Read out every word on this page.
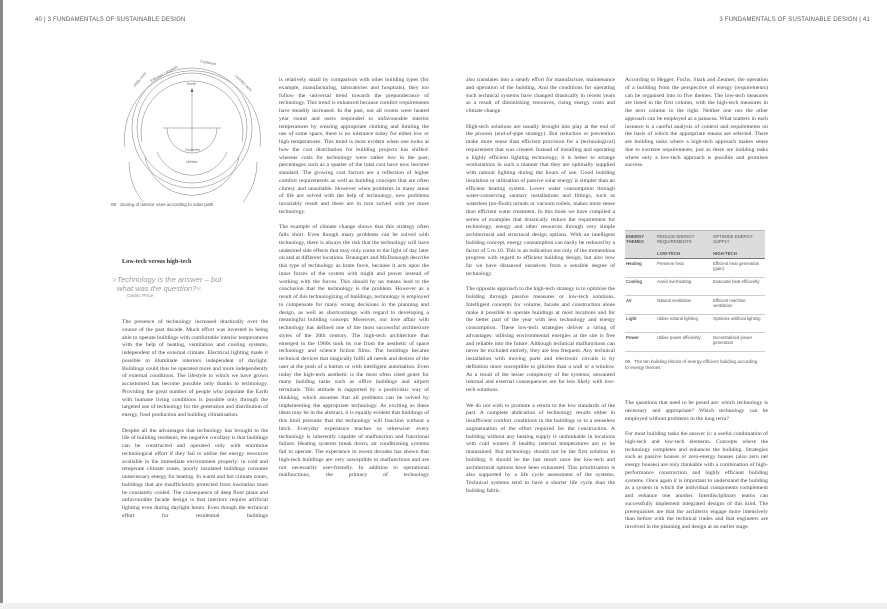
40 | 3 FUNDAMENTALS OF SUSTAINABLE DESIGN	3 FUNDAMENTALS OF SUSTAINABLE DESIGN | 41
North
Summer
Winter
Cupboard
Utility room Entrance / stairwell	Laundry room
06 Zoning of interior uses according to solar path
Low-tech versus high-tech
»Technology is the answer – but what was the question?«
Cedric Price

The presence of technology increased drastically over the course of the past decade. Much effort was invested in being able to operate buildings with comfortable interior temperatures with the help of heating, ventilation and cooling systems, independent of the external climate. Electrical lighting made it possible to illuminate interiors independent of daylight. Buildings could thus be operated more and more independently of external conditions. The lifestyle to which we have grown accustomed has become possible only thanks to technology. Providing the great number of people who populate the Earth with humane living conditions is possible only through the targeted use of technology for the generation and distribution of energy, food production and building climatisation.

Despite all the advantages that technology has brought to the life of building residents, the negative corollary is that buildings can be constructed and operated only with enormous technological effort if they fail to utilise the energy resources available in the immediate environment properly: in cold and temperate climate zones, poorly insulated buildings consume unnecessary energy for heating. In warm and hot climate zones, buildings that are insufficiently protected from insolation must be constantly cooled. The consequence of deep floor plans and unfavourable facade design is that interiors require artificial lighting even during daylight hours. Even though the technical effort for residential buildings

is relatively small by comparison with other building types (for example, manufacturing, laboratories and hospitals), they too follow the universal trend towards the preponderance of technology. This trend is enhanced because comfort requirements have steadily increased. In the past, not all rooms were heated year round and users responded to unfavourable interior temperatures by wearing appropriate clothing and limiting the use of some space, there is no tolerance today for either low or high temperatures. This trend is most evident when one looks at how the cost distribution for building projects has shifted: whereas costs for technology were rather low in the past, percentages such as a quarter of the total cost have now become standard. The growing cost factors are a reflection of higher comfort requirements as well as building concepts that are often clumsy and unsuitable. However when problems in many areas of life are solved with the help of technology, new problems invariably result and these are in turn solved with yet more technology.

The example of climate change shows that this strategy often falls short. Even though many problems can be solved with technology, there is always the risk that the technology will have undesired side effects that may only come to the light of day later on and at different locations. Braungart and McDonough describe this type of technology as brute force, because it acts upon the inner forces of the system with might and power instead of working with the forces. This should by no means lead to the conclusion that the technology is the problem. However as a result of this technologizing of buildings, technology is employed to compensate for many wrong decisions in the planning and design, as well as shortcomings with regard to developing a meaningful building concept. Moreover, our love affair with technology has defined one of the most successful architecture styles of the 20th century. The high-tech architecture that emerged in the 1960s took its cue from the aesthetic of space technology and science fiction films. The buildings became technical devices that magically fulfil all needs and desires of the user at the push of a button or with intelligent automation. Even today the high-tech aesthetic is the most often cited genre for many building tasks such as office buildings and airport terminals. This attitude is supported by a positivistic way of thinking, which assumes that all problems can be solved by implementing the appropriate technology. As exciting as these ideas may be in the abstract, it is equally evident that buildings of this kind presume that the technology will function without a hitch. Everyday experience teaches us otherwise: every technology is inherently capable of malfunction and functional failure. Heating systems break down; air conditioning systems fail to operate. The experience in recent decades has shown that high-tech buildings are very susceptible to malfunctions and are not necessarily user-friendly. In addition to operational malfunctions, the primacy of technology

also translates into a steady effort for manufacture, maintenance and operation of the building. And the conditions for operating such technical systems have changed drastically in recent years as a result of diminishing resources, rising energy costs and climate change.

High-tech solutions are usually brought into play at the end of the process (end-of-pipe strategy). But reduction or prevention make more sense than efficient provision for a (technological) requirement that was created. Instead of installing and operating a highly efficient lighting technology, it is better to arrange workstations in such a manner that they are optimally supplied with natural lighting during the hours of use. Good building insulation or utilisation of passive solar energy is simpler than an efficient heating system. Lower water consumption through water-conserving sanitary installations and fittings, such as waterless (no-flush) urinals or vacuum toilets, makes more sense than efficient water treatment. In this book we have compiled a series of examples that drastically reduce the requirement for technology, energy and other resources through very simple architectural and structural design options. With an intelligent building concept, energy consumption can easily be reduced by a factor of 5 to 10. This is an indication not only of the tremendous progress with regard to efficient building design, but also how far we have distanced ourselves from a sensible degree of technology.

The opposite approach to the high-tech strategy is to optimise the building through passive measures or low-tech solutions. Intelligent concepts for volume, facade and construction alone make it possible to operate buildings at most locations and for the better part of the year with less technology and energy consumption. These low-tech strategies deliver a string of advantages: utilising environmental energies at the site is free and reliable into the future. Although technical malfunctions can never be excluded entirely, they are less frequent. Any technical installation with moving parts and electronic circuits is by definition more susceptible to glitches than a wall or a window. As a result of the lesser complexity of the systems, unwanted internal and external consequences are far less likely with low-tech solutions.

We do not wish to promote a return to the low standards of the past. A complete abdication of technology results either in insufficient comfort conditions in the buildings or to a senseless augmentation of the effort required for the construction. A building without any heating supply is unthinkable in locations with cold winters if healthy internal temperatures are to be maintained. But technology should not be the first solution in building; it should be the last resort once the low-tech and architectural options have been exhausted. This prioritisation is also supported by a life cycle assessment of the systems. Technical systems tend to have a shorter life cycle than the building fabric.

According to Hegger, Fuchs, Stark and Zeumer, the operation of a building from the perspective of energy (requirements) can be organised into to five themes. The low-tech measures are listed in the first column, with the high-tech measures in the next column to the right. Neither one nor the other approach can be employed as a panacea. What matters in each instance is a careful analysis of context and requirements on the basis of which the appropriate means are selected. There are building tasks where a high-tech approach makes sense due to extreme requirements, just as there are building tasks where only a low-tech approach is possible and promises success.

ENERGY THEMES	REDUCE ENERGY REQUIREMENTS	OPTIMISE ENERGY SUPPLY
	LOW-TECH	HIGH-TECH
Heating	Preserve heat	Efficient heat generation (gain)
Cooling	Avoid overheating	Evacuate heat efficiently
Air	Natural ventilation	Efficient machine ventilation
Light	Utilise natural lighting	Optimise artificial lighting
Power	Utilise power efficiently	Decentralised power generation
06 The ten building blocks of energy-efficient building according to energy themes

The questions that need to be posed are: which technology is necessary and appropriate? Which technology can be employed without problems in the long term?

For most building tasks the answer is: a useful combination of high-tech and low-tech elements. Concepts where the technology completes and enhances the building. Strategies such as passive houses or zero-energy houses (also zero net energy houses) are only thinkable with a combination of high-performance construction and highly efficient building systems. Once again it is important to understand the building as a system in which the individual components complement and enhance one another. Interdisciplinary teams can successfully implement integrated designs of this kind. The prerequisites are that the architects engage more intensively than before with the technical trades and that engineers are involved in the planning and design at an earlier stage.
